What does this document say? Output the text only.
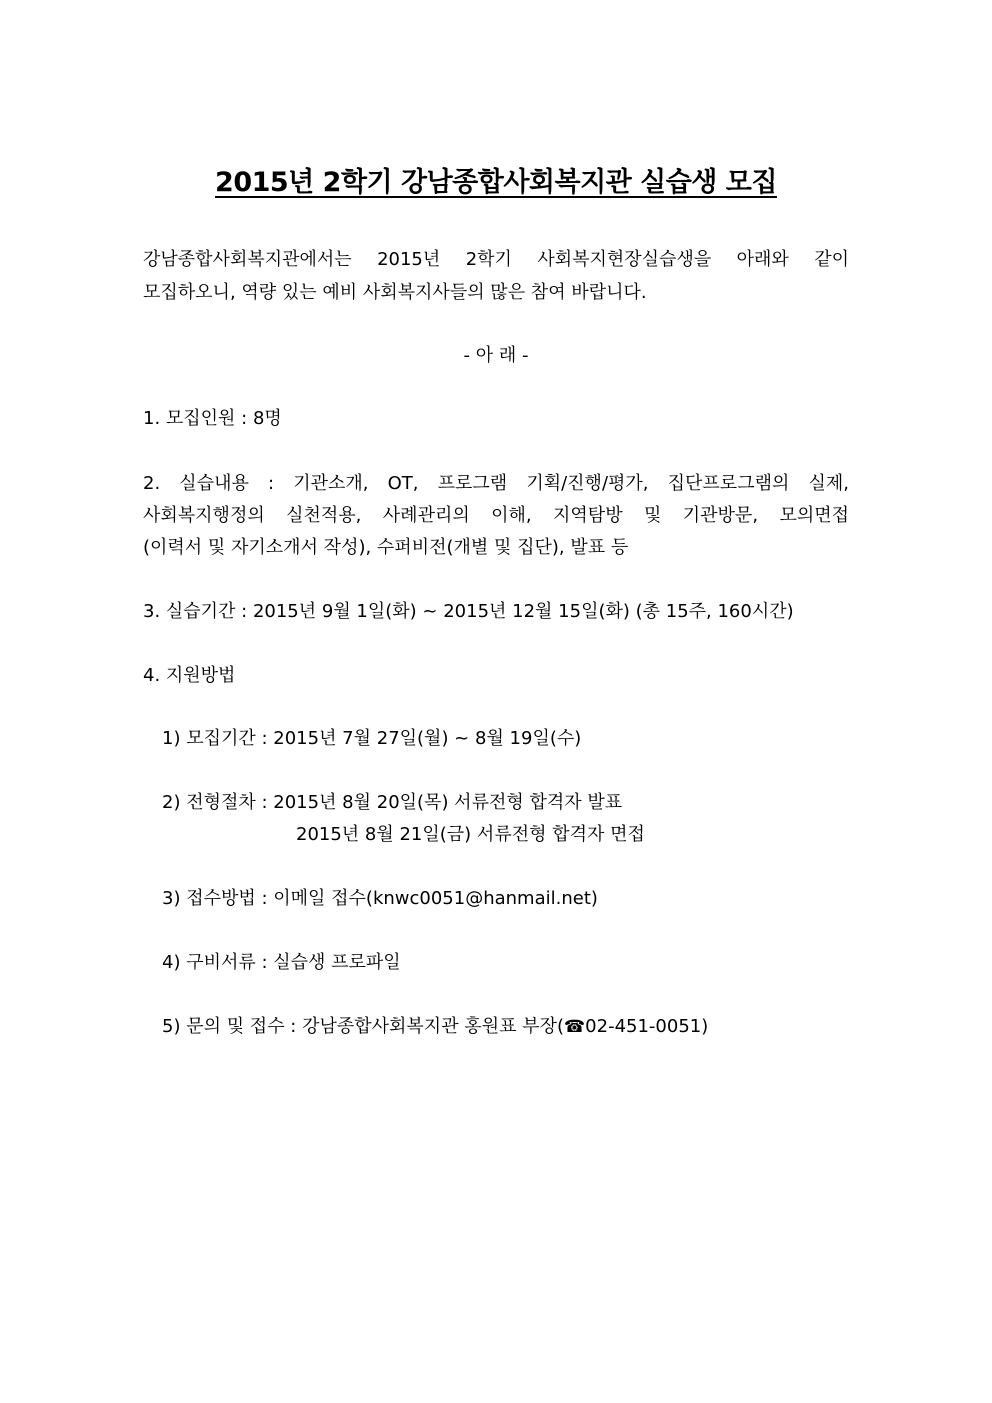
2015년 2학기 강남종합사회복지관 실습생 모집
강남종합사회복지관에서는 2015년 2학기 사회복지현장실습생을 아래와 같이
모집하오니, 역량 있는 예비 사회복지사들의 많은 참여 바랍니다.
- 아 래 -
1. 모집인원 : 8명
2. 실습내용 : 기관소개, OT, 프로그램 기획/진행/평가, 집단프로그램의 실제,
사회복지행정의 실천적용, 사례관리의 이해, 지역탐방 및 기관방문, 모의면접
(이력서 및 자기소개서 작성), 수퍼비전(개별 및 집단), 발표 등
3. 실습기간 : 2015년 9월 1일(화) ~ 2015년 12월 15일(화) (총 15주, 160시간)
4. 지원방법
1) 모집기간 : 2015년 7월 27일(월) ~ 8월 19일(수)
2) 전형절차 : 2015년 8월 20일(목) 서류전형 합격자 발표
2015년 8월 21일(금) 서류전형 합격자 면접
3) 접수방법 : 이메일 접수(knwc0051@hanmail.net)
4) 구비서류 : 실습생 프로파일
5) 문의 및 접수 : 강남종합사회복지관 홍원표 부장(☎02-451-0051)
